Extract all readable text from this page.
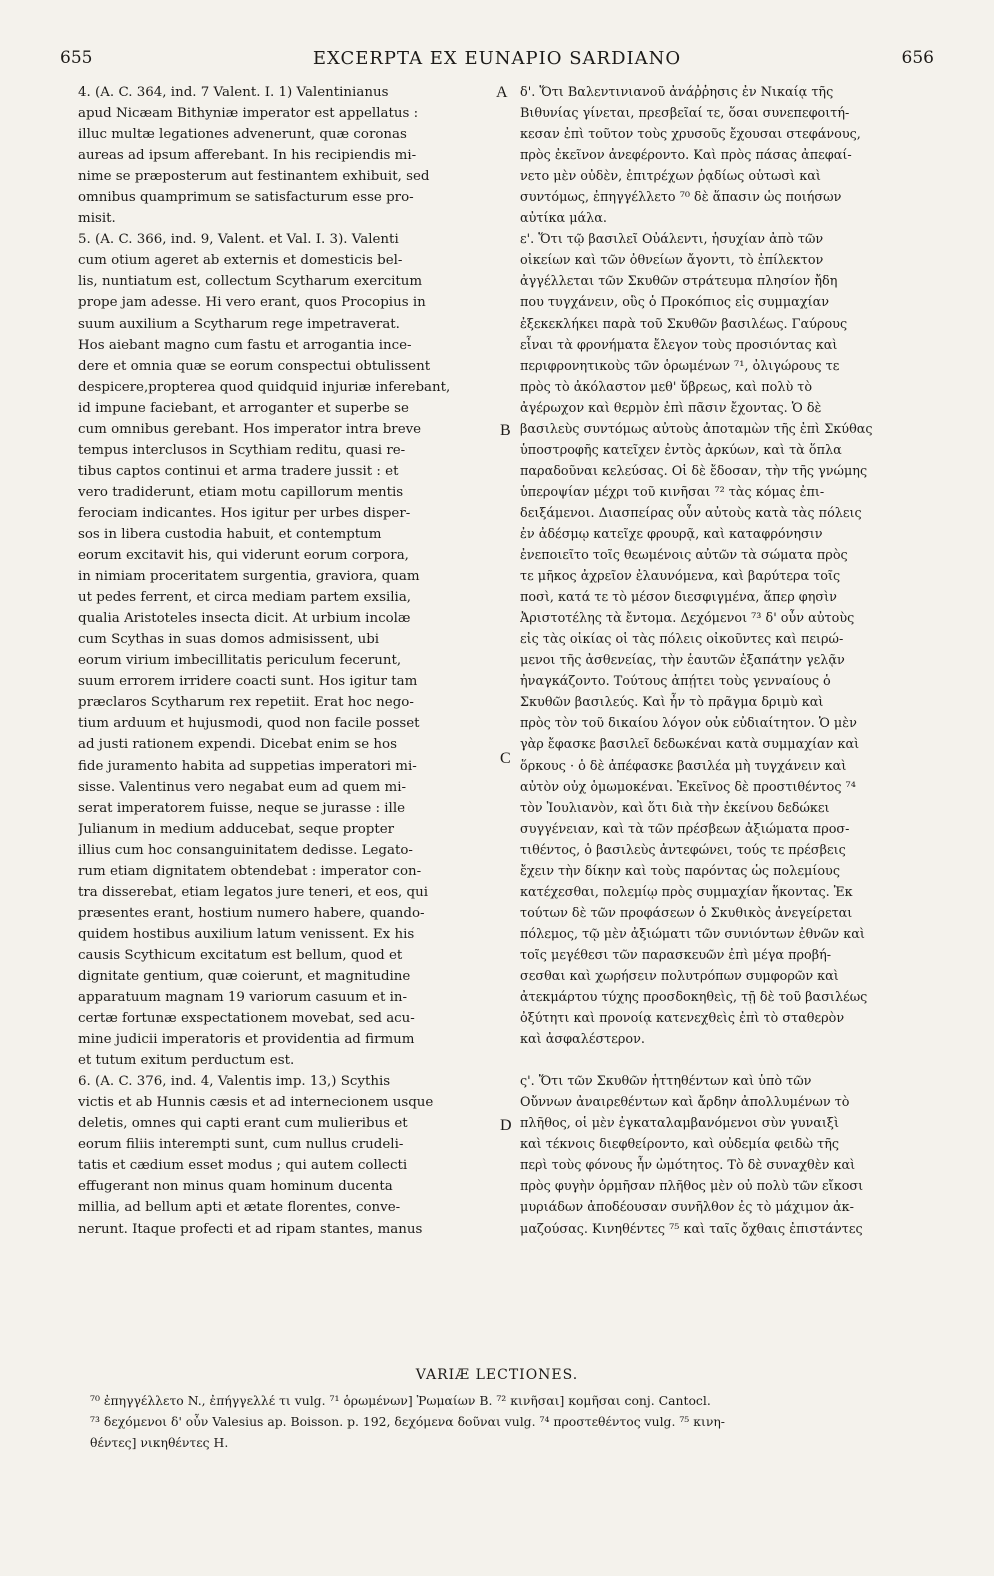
655	EXCERPTA EX EUNAPIO SARDIANO	656
4. (A. C. 364, ind. 7 Valent. I. 1) Valentinianus
apud Nicæam Bithyniæ imperator est appellatus :
illuc multæ legationes advenerunt, quæ coronas
aureas ad ipsum afferebant. In his recipiendis mi-
nime se præposterum aut festinantem exhibuit, sed
omnibus quamprimum se satisfacturum esse pro-
misit.
5. (A. C. 366, ind. 9, Valent. et Val. I. 3). Valenti
cum otium ageret ab externis et domesticis bel-
lis, nuntiatum est, collectum Scytharum exercitum
prope jam adesse. Hi vero erant, quos Procopius in
suum auxilium a Scytharum rege impetraverat.
Hos aiebant magno cum fastu et arrogantia ince-
dere et omnia quæ se eorum conspectui obtulissent
despicere,propterea quod quidquid injuriæ inferebant,
id impune faciebant, et arroganter et superbe se
cum omnibus gerebant. Hos imperator intra breve
tempus interclusos in Scythiam reditu, quasi re-
tibus captos continui et arma tradere jussit : et
vero tradiderunt, etiam motu capillorum mentis
ferociam indicantes. Hos igitur per urbes disper-
sos in libera custodia habuit, et contemptum
eorum excitavit his, qui viderunt eorum corpora,
in nimiam proceritatem surgentia, graviora, quam
ut pedes ferrent, et circa mediam partem exsilia,
qualia Aristoteles insecta dicit. At urbium incolæ
cum Scythas in suas domos admisissent, ubi
eorum virium imbecillitatis periculum fecerunt,
suum errorem irridere coacti sunt. Hos igitur tam
præclaros Scytharum rex repetiit. Erat hoc nego-
tium arduum et hujusmodi, quod non facile posset
ad justi rationem expendi. Dicebat enim se hos
fide juramento habita ad suppetias imperatori mi-
sisse. Valentinus vero negabat eum ad quem mi-
serat imperatorem fuisse, neque se jurasse : ille
Julianum in medium adducebat, seque propter
illius cum hoc consanguinitatem dedisse. Legato-
rum etiam dignitatem obtendebat : imperator con-
tra disserebat, etiam legatos jure teneri, et eos, qui
præsentes erant, hostium numero habere, quando-
quidem hostibus auxilium latum venissent. Ex his
causis Scythicum excitatum est bellum, quod et
dignitate gentium, quæ coierunt, et magnitudine
apparatuum magnam 19 variorum casuum et in-
certæ fortunæ exspectationem movebat, sed acu-
mine judicii imperatoris et providentia ad firmum
et tutum exitum perductum est.
6. (A. C. 376, ind. 4, Valentis imp. 13,) Scythis
victis et ab Hunnis cæsis et ad internecionem usque
deletis, omnes qui capti erant cum mulieribus et
eorum filiis interempti sunt, cum nullus crudeli-
tatis et cædium esset modus ; qui autem collecti
effugerant non minus quam hominum ducenta
millia, ad bellum apti et ætate florentes, conve-
nerunt. Itaque profecti et ad ripam stantes, manus
δ'. Ὅτι Βαλεντινιανοῦ ἀνάῤῥησις ἐν Νικαίᾳ τῆς
Βιθυνίας γίνεται, πρεσβεῖαί τε, ὅσαι συνεπεφοιτή-
κεσαν ἐπὶ τοῦτον τοὺς χρυσοῦς ἔχουσαι στεφάνους,
πρὸς ἐκεῖνον ἀνεφέροντο. Καὶ πρὸς πάσας ἀπεφαί-
νετο μὲν οὐδὲν, ἐπιτρέχων ῥᾳδίως οὑτωσὶ καὶ
συντόμως, ἐπηγγέλλετο ⁷⁰ δὲ ἅπασιν ὡς ποιήσων
αὐτίκα μάλα.
ε'. Ὅτι τῷ βασιλεῖ Οὐάλεντι, ἡσυχίαν ἀπὸ τῶν
οἰκείων καὶ τῶν ὀθνείων ἄγοντι, τὸ ἐπίλεκτον
ἀγγέλλεται τῶν Σκυθῶν στράτευμα πλησίον ἤδη
που τυγχάνειν, οὓς ὁ Προκόπιος εἰς συμμαχίαν
ἐξεκεκλήκει παρὰ τοῦ Σκυθῶν βασιλέως. Γαύρους
εἶναι τὰ φρονήματα ἔλεγον τοὺς προσιόντας καὶ
περιφρονητικοὺς τῶν ὁρωμένων ⁷¹, ὀλιγώρους τε
πρὸς τὸ ἀκόλαστον μεθ' ὕβρεως, καὶ πολὺ τὸ
ἀγέρωχον καὶ θερμὸν ἐπὶ πᾶσιν ἔχοντας. Ὁ δὲ
βασιλεὺς συντόμως αὐτοὺς ἀποταμὼν τῆς ἐπὶ Σκύθας
ὑποστροφῆς κατεῖχεν ἐντὸς ἀρκύων, καὶ τὰ ὅπλα
παραδοῦναι κελεύσας. Οἱ δὲ ἔδοσαν, τὴν τῆς γνώμης
ὑπεροψίαν μέχρι τοῦ κινῆσαι ⁷² τὰς κόμας ἐπι-
δειξάμενοι. Διασπείρας οὖν αὐτοὺς κατὰ τὰς πόλεις
ἐν ἀδέσμῳ κατεῖχε φρουρᾷ, καὶ καταφρόνησιν
ἐνεποιεῖτο τοῖς θεωμένοις αὐτῶν τὰ σώματα πρὸς
τε μῆκος ἀχρεῖον ἐλαυνόμενα, καὶ βαρύτερα τοῖς
ποσὶ, κατά τε τὸ μέσον διεσφιγμένα, ἅπερ φησὶν
Ἀριστοτέλης τὰ ἔντομα. Δεχόμενοι ⁷³ δ' οὖν αὐτοὺς
εἰς τὰς οἰκίας οἱ τὰς πόλεις οἰκοῦντες καὶ πειρώ-
μενοι τῆς ἀσθενείας, τὴν ἑαυτῶν ἐξαπάτην γελᾷν
ἠναγκάζοντο. Τούτους ἀπῄτει τοὺς γενναίους ὁ
Σκυθῶν βασιλεύς. Καὶ ἦν τὸ πρᾶγμα δριμὺ καὶ
πρὸς τὸν τοῦ δικαίου λόγον οὐκ εὐδιαίτητον. Ὁ μὲν
γὰρ ἔφασκε βασιλεῖ δεδωκέναι κατὰ συμμαχίαν καὶ
ὅρκους · ὁ δὲ ἀπέφασκε βασιλέα μὴ τυγχάνειν καὶ
αὐτὸν οὐχ ὁμωμοκέναι. Ἐκεῖνος δὲ προστιθέντος ⁷⁴
τὸν Ἰουλιανὸν, καὶ ὅτι διὰ τὴν ἐκείνου δεδώκει
συγγένειαν, καὶ τὰ τῶν πρέσβεων ἀξιώματα προσ-
τιθέντος, ὁ βασιλεὺς ἀντεφώνει, τούς τε πρέσβεις
ἔχειν τὴν δίκην καὶ τοὺς παρόντας ὡς πολεμίους
κατέχεσθαι, πολεμίῳ πρὸς συμμαχίαν ἥκοντας. Ἐκ
τούτων δὲ τῶν προφάσεων ὁ Σκυθικὸς ἀνεγείρεται
πόλεμος, τῷ μὲν ἀξιώματι τῶν συνιόντων ἐθνῶν καὶ
τοῖς μεγέθεσι τῶν παρασκευῶν ἐπὶ μέγα προβή-
σεσθαι καὶ χωρήσειν πολυτρόπων συμφορῶν καὶ
ἀτεκμάρτου τύχης προσδοκηθεὶς, τῇ δὲ τοῦ βασιλέως
ὀξύτητι καὶ προνοίᾳ κατενεχθεὶς ἐπὶ τὸ σταθερὸν
καὶ ἀσφαλέστερον.
ς'. Ὅτι τῶν Σκυθῶν ἡττηθέντων καὶ ὑπὸ τῶν
Οὔννων ἀναιρεθέντων καὶ ἄρδην ἀπολλυμένων τὸ
πλῆθος, οἱ μὲν ἐγκαταλαμβανόμενοι σὺν γυναιξὶ
καὶ τέκνοις διεφθείροντο, καὶ οὐδεμία φειδὼ τῆς
περὶ τοὺς φόνους ἦν ὠμότητος. Τὸ δὲ συναχθὲν καὶ
πρὸς φυγὴν ὁρμῆσαν πλῆθος μὲν οὐ πολὺ τῶν εἴκοσι
μυριάδων ἀποδέουσαν συνῆλθον ἐς τὸ μάχιμον ἀκ-
μαζούσας. Κινηθέντες ⁷⁵ καὶ ταῖς ὄχθαις ἐπιστάντες
A
B
C
D
VARIÆ LECTIONES.
⁷⁰ ἐπηγγέλλετο N., ἐπήγγελλέ τι vulg. ⁷¹ ὁρωμένων] Ῥωμαίων B. ⁷² κινῆσαι] κομῆσαι conj. Cantocl.
⁷³ δεχόμενοι δ' οὖν Valesius ap. Boisson. p. 192, δεχόμενα δοῦναι vulg. ⁷⁴ προστεθέντος vulg. ⁷⁵ κινη-
θέντες] νικηθέντες H.
